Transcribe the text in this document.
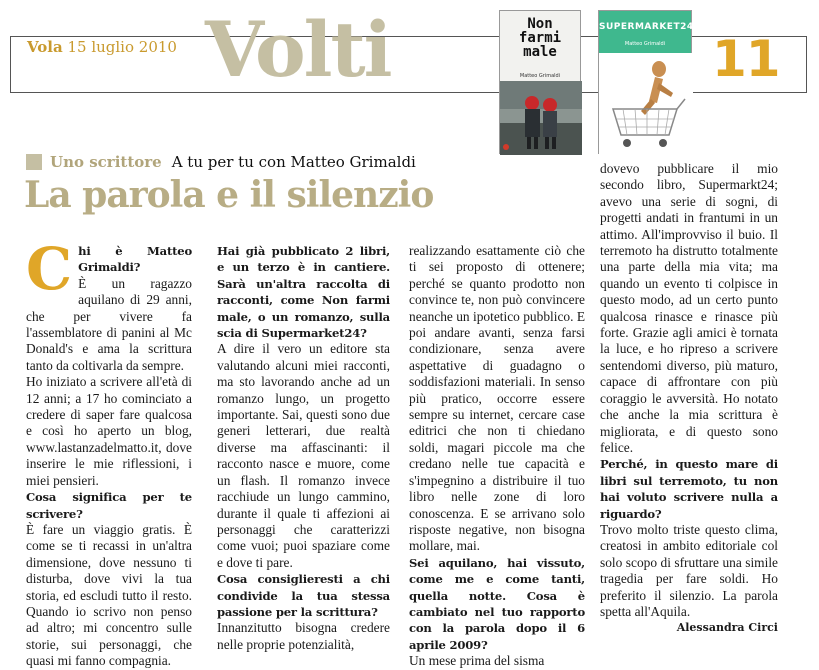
Vola 15 luglio 2010 Volti	11
Non
farmi
male
Matteo Grimaldi
SUPERMARKET24
Matteo Grimaldi
Uno scrittore A tu per tu con Matteo Grimaldi
La parola e il silenzio
C hi è Matteo Grimaldi?

È un ragazzo aquilano di 29 anni, che per vivere fa l'assemblatore di panini al Mc Donald's e ama la scrittura tanto da coltivarla da sempre.

Ho iniziato a scrivere all'età di 12 anni; a 17 ho cominciato a credere di saper fare qualcosa e così ho aperto un blog, www.lastanzadelmatto.it, dove inserire le mie riflessioni, i miei pensieri.

Cosa significa per te scrivere?

È fare un viaggio gratis. È come se ti recassi in un'altra dimensione, dove nessuno ti disturba, dove vivi la tua storia, ed escludi tutto il resto. Quando io scrivo non penso ad altro; mi concentro sulle storie, sui personaggi, che quasi mi fanno compagnia.

Hai già pubblicato 2 libri, e un terzo è in cantiere. Sarà un'altra raccolta di racconti, come Non farmi male, o un romanzo, sulla scia di Supermarket24?

A dire il vero un editore sta valutando alcuni miei racconti, ma sto lavorando anche ad un romanzo lungo, un progetto importante. Sai, questi sono due generi letterari, due realtà diverse ma affascinanti: il racconto nasce e muore, come un flash. Il romanzo invece racchiude un lungo cammino, durante il quale ti affezioni ai personaggi che caratterizzi come vuoi; puoi spaziare come e dove ti pare.

Cosa consiglieresti a chi condivide la tua stessa passione per la scrittura?

Innanzitutto bisogna credere nelle proprie potenzialità,

realizzando esattamente ciò che ti sei proposto di ottenere; perché se quanto prodotto non convince te, non può convincere neanche un ipotetico pubblico. E poi andare avanti, senza farsi condizionare, senza avere aspettative di guadagno o soddisfazioni materiali. In senso più pratico, occorre essere sempre su internet, cercare case editrici che non ti chiedano soldi, magari piccole ma che credano nelle tue capacità e s'impegnino a distribuire il tuo libro nelle zone di loro conoscenza. E se arrivano solo risposte negative, non bisogna mollare, mai.

Sei aquilano, hai vissuto, come me e come tanti, quella notte. Cosa è cambiato nel tuo rapporto con la parola dopo il 6 aprile 2009?

Un mese prima del sisma

dovevo pubblicare il mio secondo libro, Supermarkt24; avevo una serie di sogni, di progetti andati in frantumi in un attimo. All'improvviso il buio. Il terremoto ha distrutto totalmente una parte della mia vita; ma quando un evento ti colpisce in questo modo, ad un certo punto qualcosa rinasce e rinasce più forte. Grazie agli amici è tornata la luce, e ho ripreso a scrivere sentendomi diverso, più maturo, capace di affrontare con più coraggio le avversità. Ho notato che anche la mia scrittura è migliorata, e di questo sono felice.

Perché, in questo mare di libri sul terremoto, tu non hai voluto scrivere nulla a riguardo?

Trovo molto triste questo clima, creatosi in ambito editoriale col solo scopo di sfruttare una simile tragedia per fare soldi. Ho preferito il silenzio. La parola spetta all'Aquila.

Alessandra Circi
